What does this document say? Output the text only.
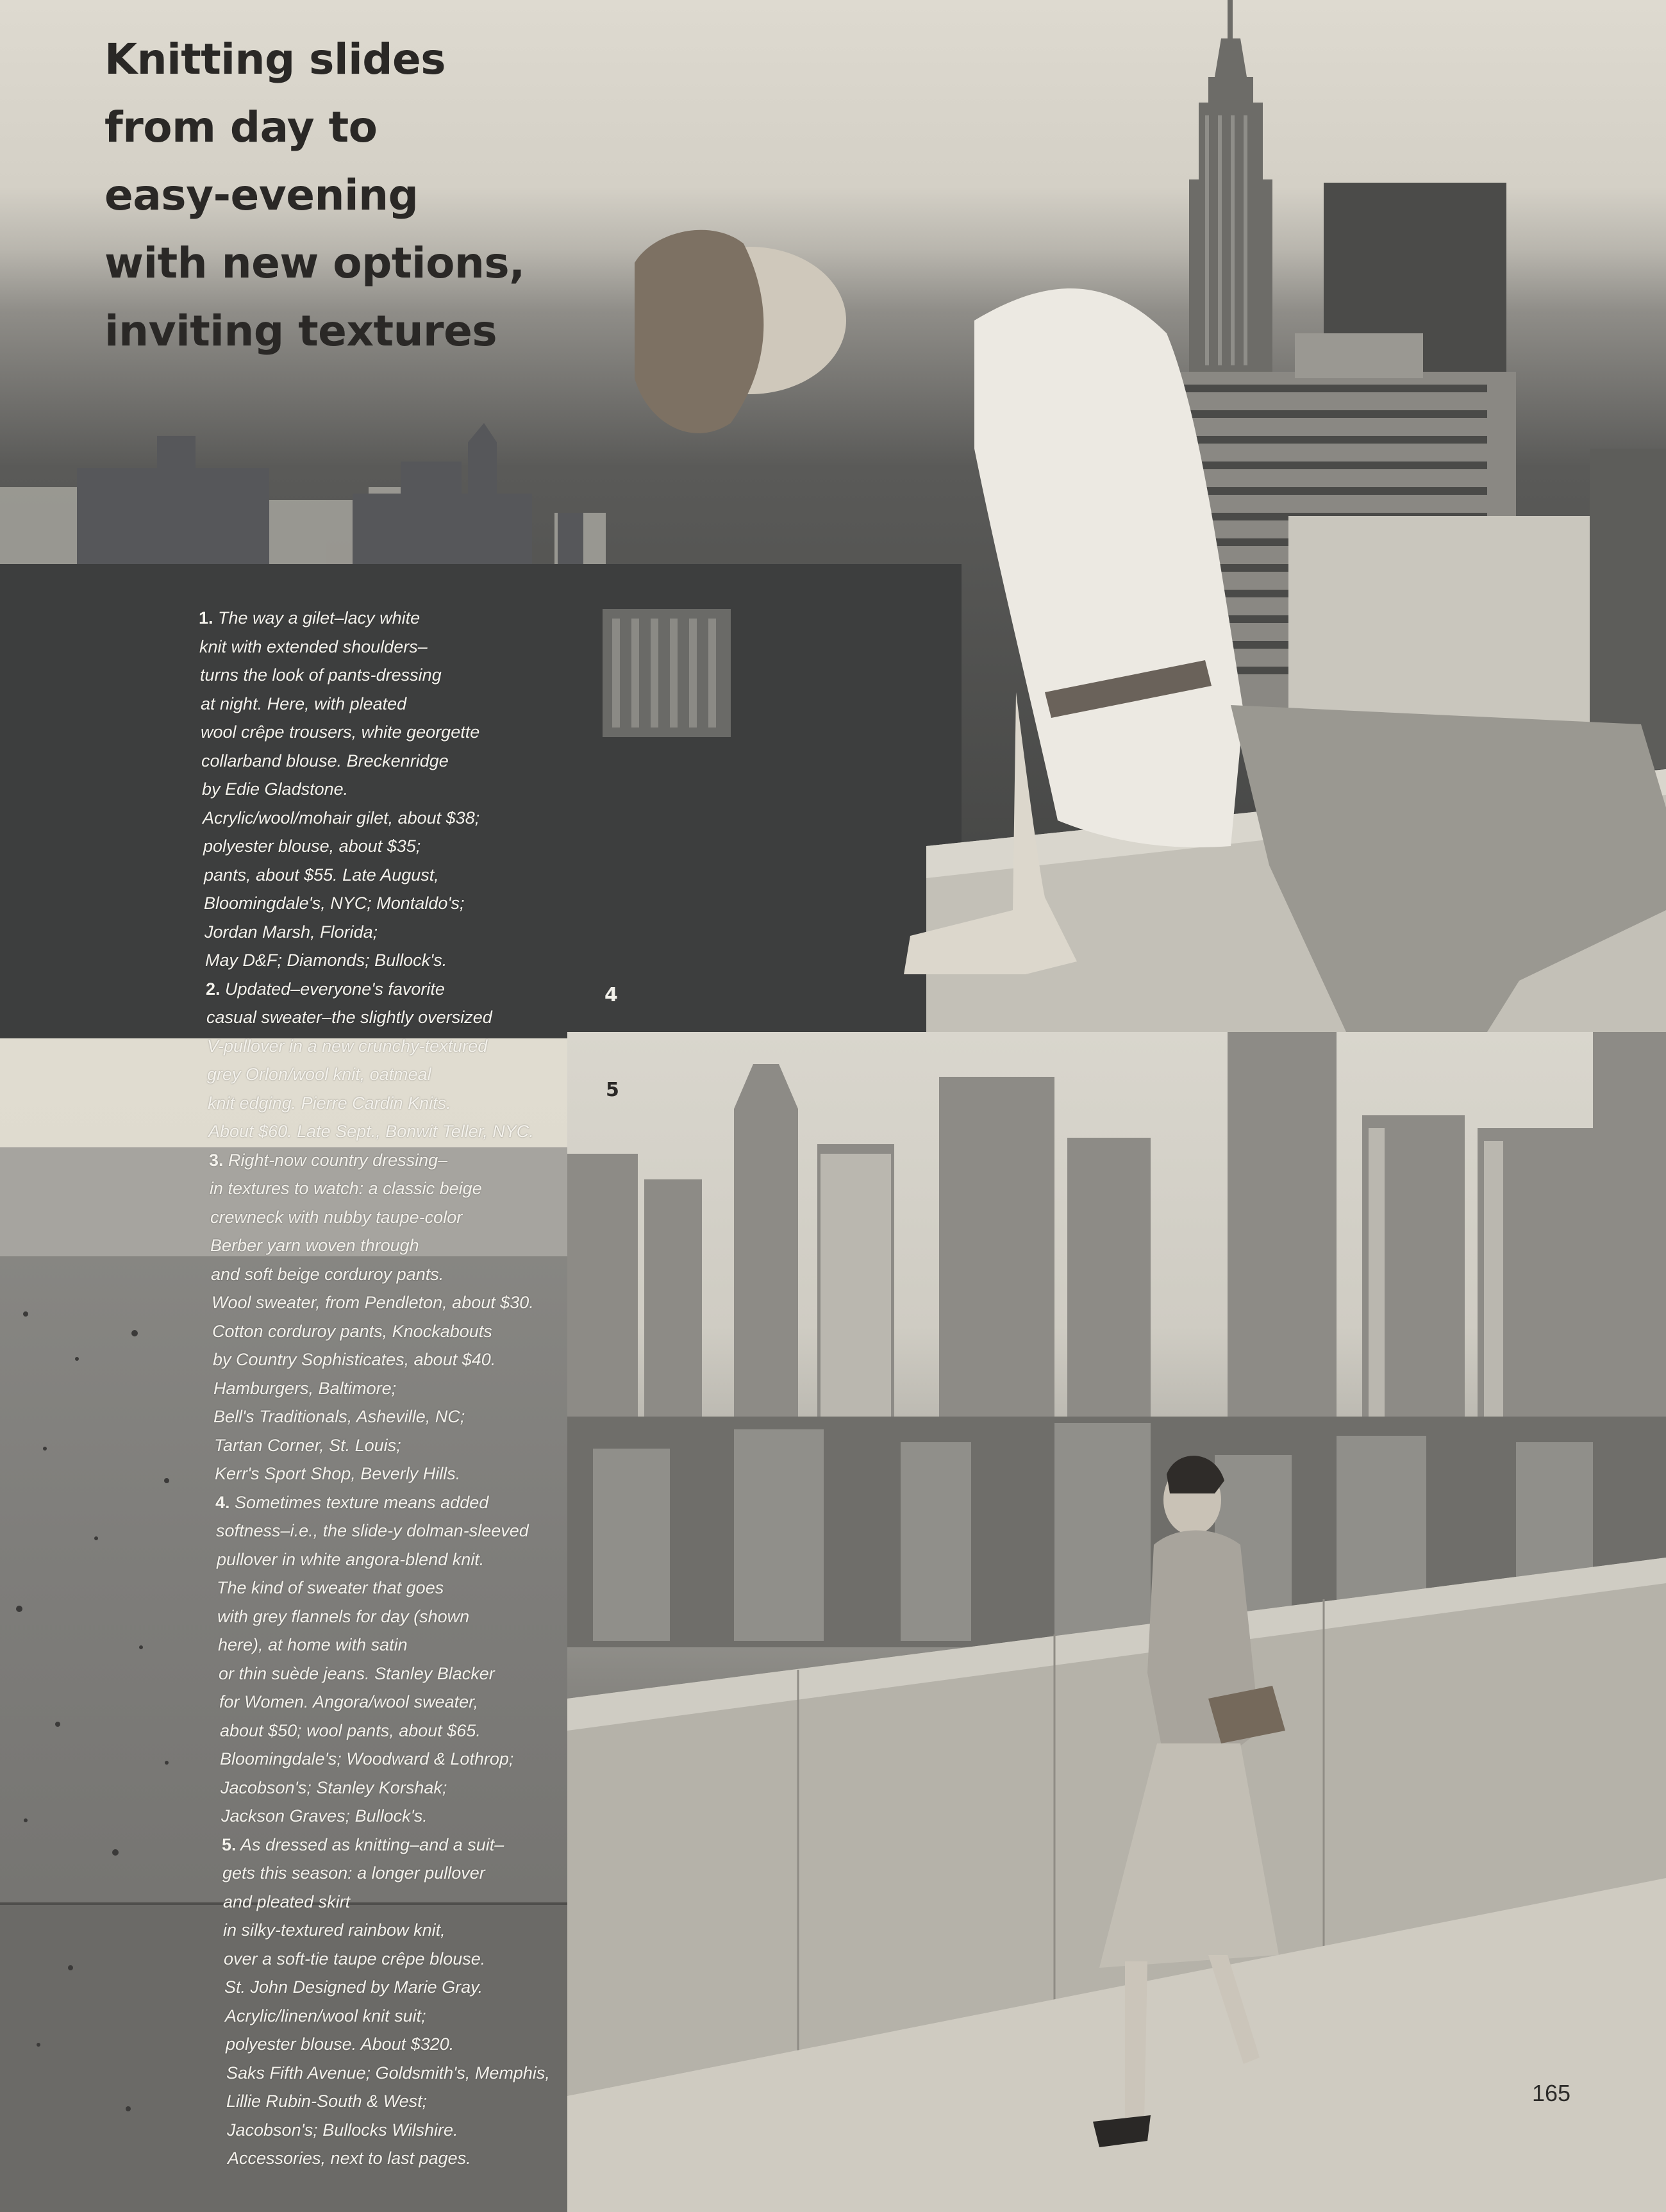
Knitting slides
from day to
easy-evening
with new options,
inviting textures
1. The way a gilet–lacy white
knit with extended shoulders–
turns the look of pants-dressing
at night. Here, with pleated
wool crêpe trousers, white georgette
collarband blouse. Breckenridge
by Edie Gladstone.
Acrylic/wool/mohair gilet, about $38;
polyester blouse, about $35;
pants, about $55. Late August,
Bloomingdale's, NYC; Montaldo's;
Jordan Marsh, Florida;
May D&F; Diamonds; Bullock's.
2. Updated–everyone's favorite
casual sweater–the slightly oversized
V-pullover in a new crunchy-textured
grey Orlon/wool knit, oatmeal
knit edging. Pierre Cardin Knits.
About $60. Late Sept., Bonwit Teller, NYC.
3. Right-now country dressing–
in textures to watch: a classic beige
crewneck with nubby taupe-color
Berber yarn woven through
and soft beige corduroy pants.
Wool sweater, from Pendleton, about $30.
Cotton corduroy pants, Knockabouts
by Country Sophisticates, about $40.
Hamburgers, Baltimore;
Bell's Traditionals, Asheville, NC;
Tartan Corner, St. Louis;
Kerr's Sport Shop, Beverly Hills.
4. Sometimes texture means added
softness–i.e., the slide-y dolman-sleeved
pullover in white angora-blend knit.
The kind of sweater that goes
with grey flannels for day (shown
here), at home with satin
or thin suède jeans. Stanley Blacker
for Women. Angora/wool sweater,
about $50; wool pants, about $65.
Bloomingdale's; Woodward & Lothrop;
Jacobson's; Stanley Korshak;
Jackson Graves; Bullock's.
5. As dressed as knitting–and a suit–
gets this season: a longer pullover
and pleated skirt
in silky-textured rainbow knit,
over a soft-tie taupe crêpe blouse.
St. John Designed by Marie Gray.
Acrylic/linen/wool knit suit;
polyester blouse. About $320.
Saks Fifth Avenue; Goldsmith's, Memphis,
Lillie Rubin-South & West;
Jacobson's; Bullocks Wilshire.
Accessories, next to last pages.
4
5
165
